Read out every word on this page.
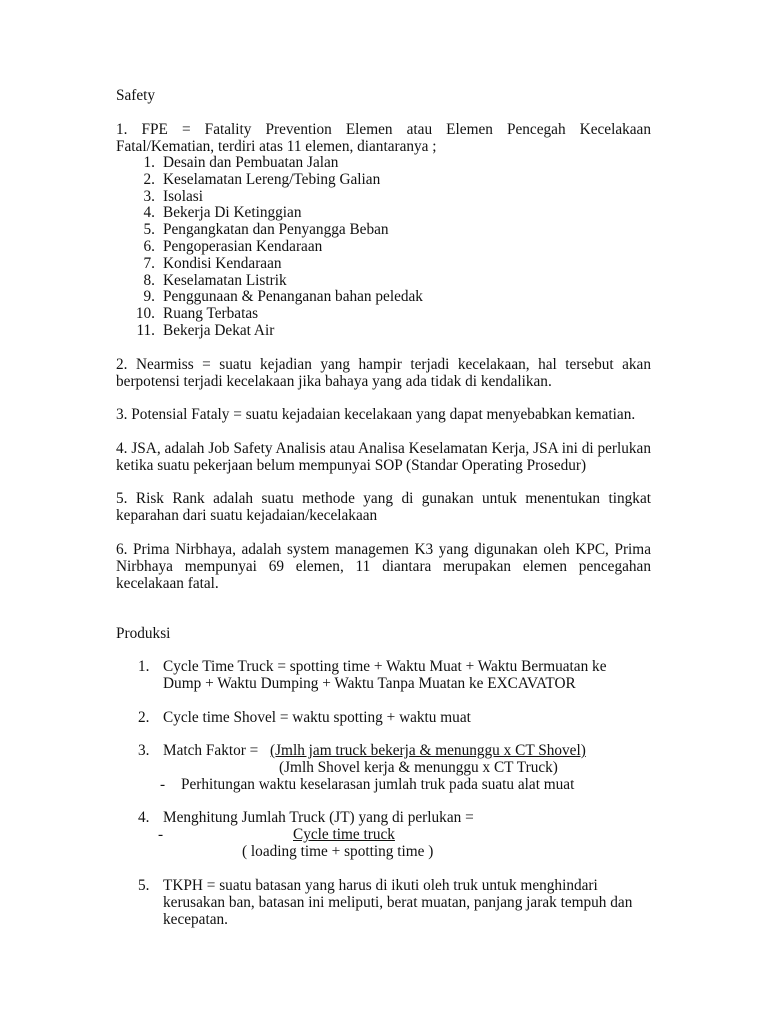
Safety
1. FPE = Fatality Prevention Elemen atau Elemen Pencegah Kecelakaan Fatal/Kematian, terdiri atas 11 elemen, diantaranya ;
1. Desain dan Pembuatan Jalan
2. Keselamatan Lereng/Tebing Galian
3. Isolasi
4. Bekerja Di Ketinggian
5. Pengangkatan dan Penyangga Beban
6. Pengoperasian Kendaraan
7. Kondisi Kendaraan
8. Keselamatan Listrik
9. Penggunaan & Penanganan bahan peledak
10. Ruang Terbatas
11. Bekerja Dekat Air
2. Nearmiss = suatu kejadian yang hampir terjadi kecelakaan, hal tersebut akan berpotensi terjadi kecelakaan jika bahaya yang ada tidak di kendalikan.
3. Potensial Fataly = suatu kejadaian kecelakaan yang dapat menyebabkan kematian.
4. JSA, adalah Job Safety Analisis atau Analisa Keselamatan Kerja, JSA ini di perlukan ketika suatu pekerjaan belum mempunyai SOP (Standar Operating Prosedur)
5. Risk Rank adalah suatu methode yang di gunakan untuk menentukan tingkat keparahan dari suatu kejadaian/kecelakaan
6. Prima Nirbhaya, adalah system managemen K3 yang digunakan oleh KPC, Prima Nirbhaya mempunyai 69 elemen, 11 diantara merupakan elemen pencegahan kecelakaan fatal.
Produksi
1. Cycle Time Truck = spotting time + Waktu Muat + Waktu Bermuatan ke
Dump + Waktu Dumping + Waktu Tanpa Muatan ke EXCAVATOR
2. Cycle time Shovel = waktu spotting + waktu muat
3. Match Faktor = (Jmlh jam truck bekerja & menunggu x CT Shovel)
(Jmlh Shovel kerja & menunggu x CT Truck)
- Perhitungan waktu keselarasan jumlah truk pada suatu alat muat
4. Menghitung Jumlah Truck (JT) yang di perlukan =
-	Cycle time truck
( loading time + spotting time )
5. TKPH = suatu batasan yang harus di ikuti oleh truk untuk menghindari
kerusakan ban, batasan ini meliputi, berat muatan, panjang jarak tempuh dan
kecepatan.
